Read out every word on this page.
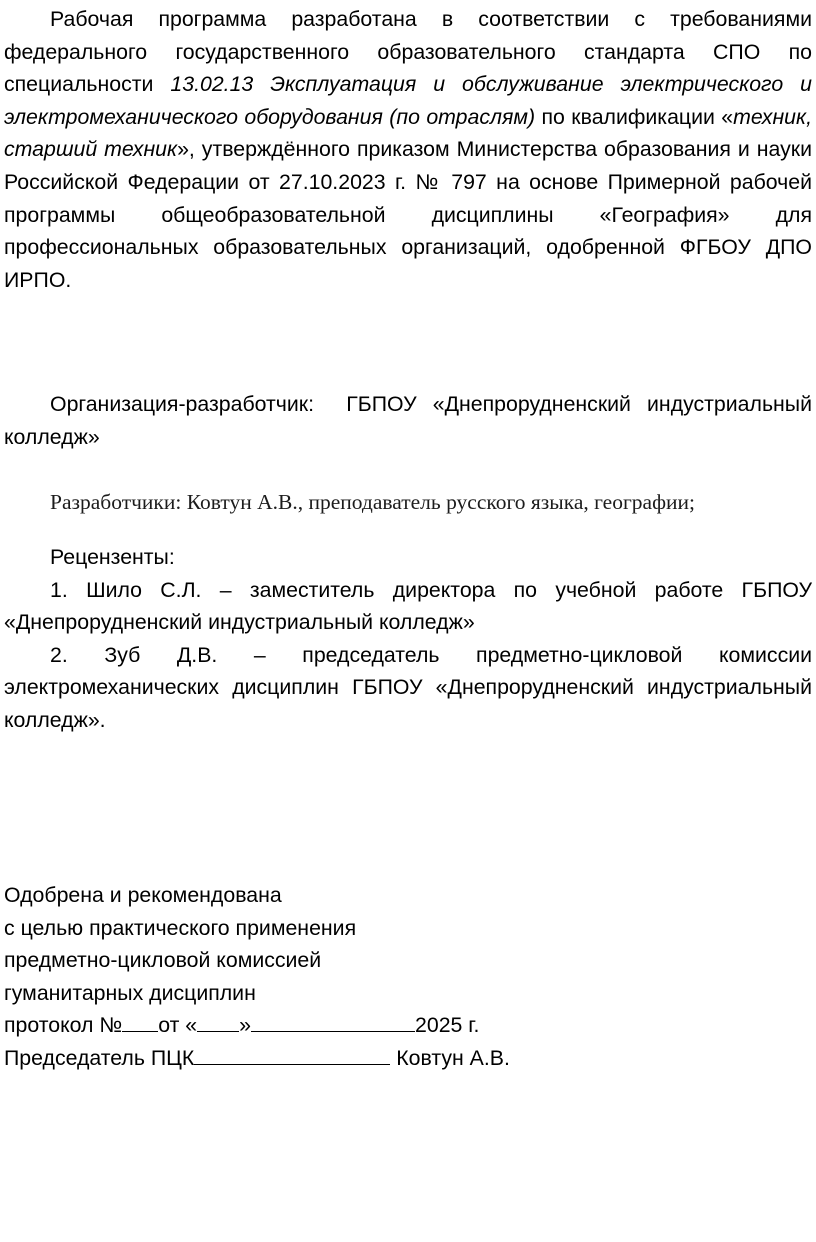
Рабочая программа разработана в соответствии с требованиями федерального государственного образовательного стандарта СПО по специальности 13.02.13 Эксплуатация и обслуживание электрического и электромеханического оборудования (по отраслям) по квалификации «техник, старший техник», утверждённого приказом Министерства образования и науки Российской Федерации от 27.10.2023 г. № 797 на основе Примерной рабочей программы общеобразовательной дисциплины «География» для профессиональных образовательных организаций, одобренной ФГБОУ ДПО ИРПО.

Организация-разработчик: ГБПОУ «Днепрорудненский индустриальный колледж»

Разработчики: Ковтун А.В., преподаватель русского языка, географии;

Рецензенты:

1. Шило С.Л. – заместитель директора по учебной работе ГБПОУ «Днепрорудненский индустриальный колледж»

2. Зуб Д.В. – председатель предметно-цикловой комиссии электромеханических дисциплин ГБПОУ «Днепрорудненский индустриальный колледж».

Одобрена и рекомендована
с целью практического применения
предметно-цикловой комиссией
гуманитарных дисциплин
протокол № от « »	2025 г.
Председатель ПЦК	Ковтун А.В.
